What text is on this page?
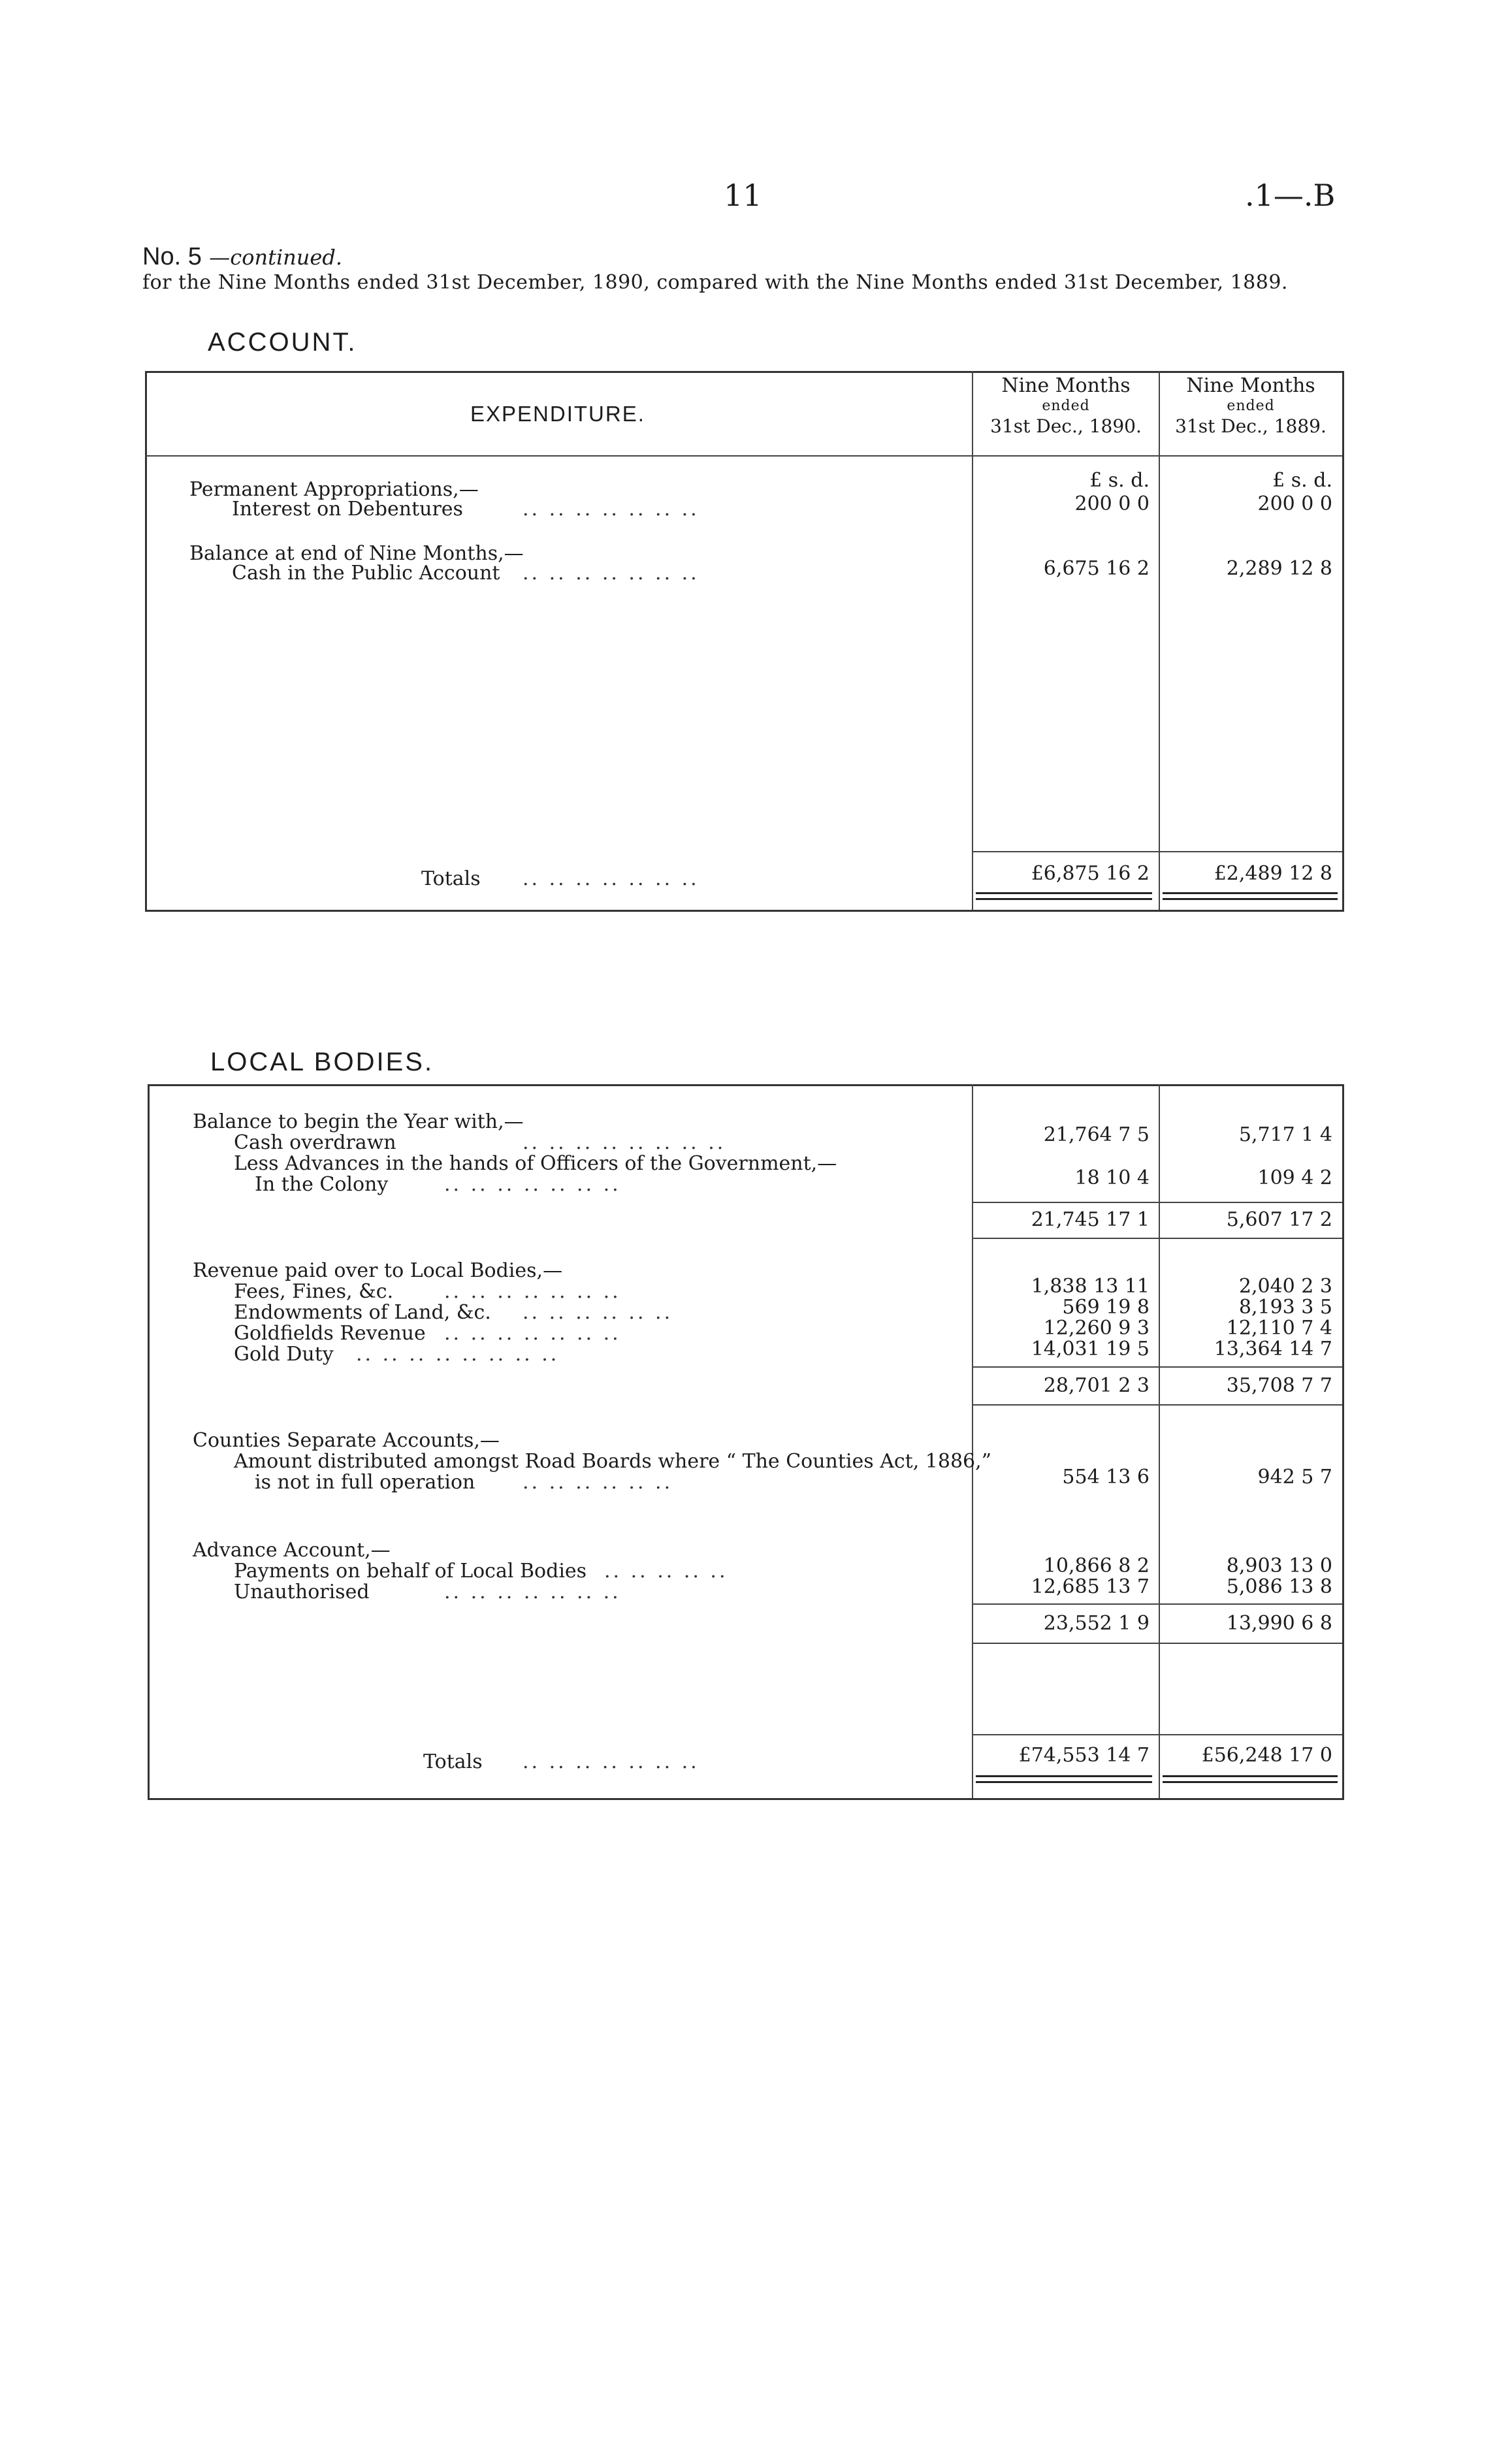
11	.1—.B
No. 5 —continued.
for the Nine Months ended 31st December, 1890, compared with the Nine Months ended 31st December, 1889.
ACCOUNT.
EXPENDITURE.
Nine Months
ended
31st Dec., 1890.
Nine Months
ended
31st Dec., 1889.
£ s. d.	£ s. d.
Permanent Appropriations,—
Interest on Debentures	.. .. .. .. .. .. ..	200 0 0	200 0 0
Balance at end of Nine Months,—
Cash in the Public Account .. .. .. .. .. .. ..	6,675 16 2	2,289 12 8
Totals .. .. .. .. .. .. ..	£6,875 16 2	£2,489 12 8
LOCAL BODIES.
Balance to begin the Year with,—
Cash overdrawn	.. .. .. .. .. .. .. ..	21,764 7 5	5,717 1 4
Less Advances in the hands of Officers of the Government,—
In the Colony	.. .. .. .. .. .. ..	18 10 4	109 4 2
21,745 17 1	5,607 17 2
Revenue paid over to Local Bodies,—
Fees, Fines, &c.	.. .. .. .. .. .. ..	1,838 13 11	2,040 2 3
Endowments of Land, &c. .. .. .. .. .. ..	569 19 8	8,193 3 5
Goldfields Revenue .. .. .. .. .. .. ..	12,260 9 3	12,110 7 4
Gold Duty .. .. .. .. .. .. .. ..	14,031 19 5	13,364 14 7
28,701 2 3	35,708 7 7
Counties Separate Accounts,—
Amount distributed amongst Road Boards where “ The Counties Act, 1886,”
is not in full operation .. .. .. .. .. ..	554 13 6	942 5 7
Advance Account,—
Payments on behalf of Local Bodies .. .. .. .. ..	10,866 8 2	8,903 13 0
Unauthorised	.. .. .. .. .. .. ..	12,685 13 7	5,086 13 8
23,552 1 9	13,990 6 8
Totals .. .. .. .. .. .. ..	£74,553 14 7	£56,248 17 0
